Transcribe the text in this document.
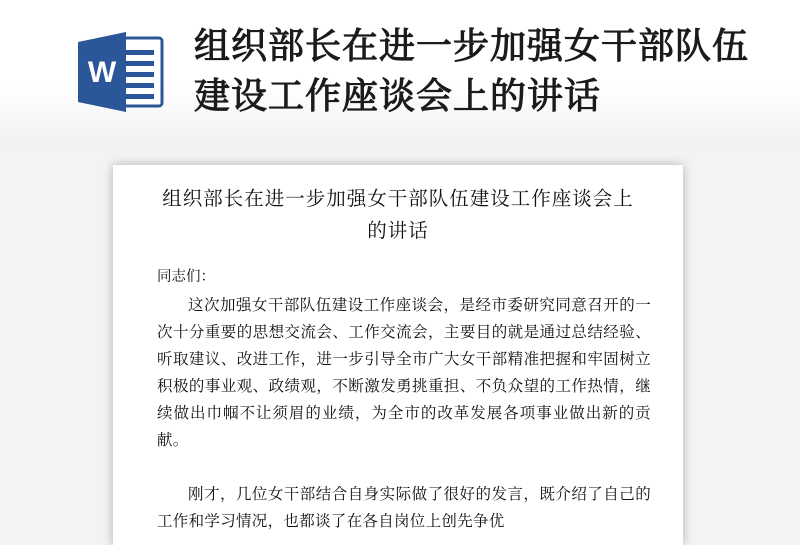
W
组织部长在进一步加强女干部队伍建设工作座谈会上的讲话
组织部长在进一步加强女干部队伍建设工作座谈会上的讲话

同志们：

这次加强女干部队伍建设工作座谈会，是经市委研究同意召开的一次十分重要的思想交流会、工作交流会，主要目的就是通过总结经验、听取建议、改进工作，进一步引导全市广大女干部精准把握和牢固树立积极的事业观、政绩观，不断激发勇挑重担、不负众望的工作热情，继续做出巾帼不让须眉的业绩，为全市的改革发展各项事业做出新的贡献。

刚才，几位女干部结合自身实际做了很好的发言，既介绍了自己的工作和学习情况，也都谈了在各自岗位上创先争优
